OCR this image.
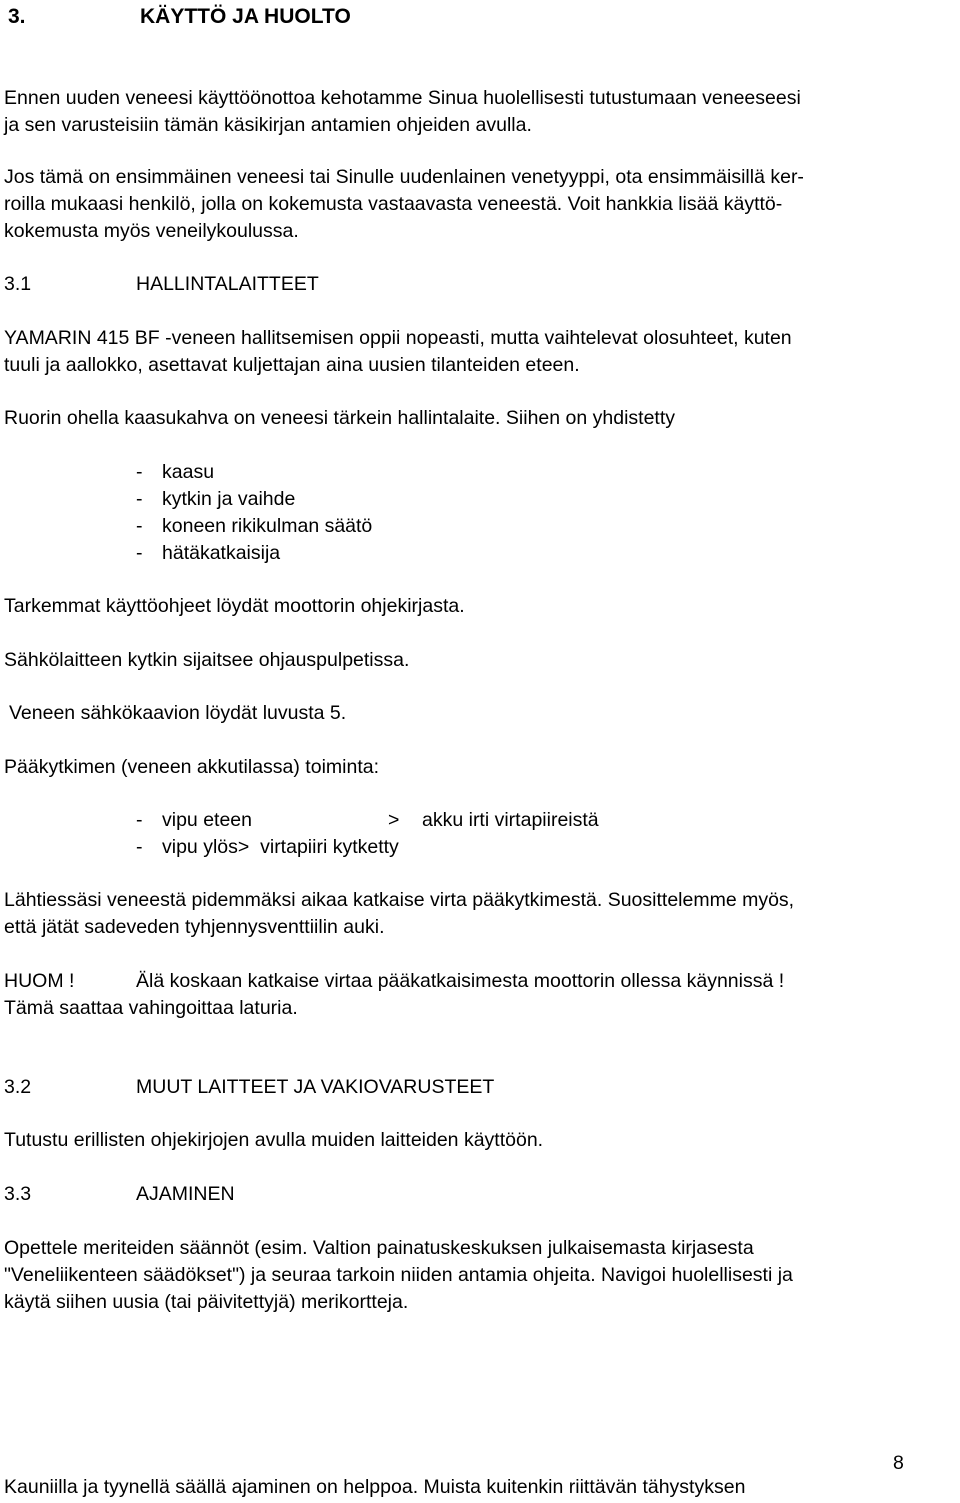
3.	KÄYTTÖ JA HUOLTO
Ennen uuden veneesi käyttöönottoa kehotamme Sinua huolellisesti tutustumaan veneeseesi
ja sen varusteisiin tämän käsikirjan antamien ohjeiden avulla.
Jos tämä on ensimmäinen veneesi tai Sinulle uudenlainen venetyyppi, ota ensimmäisillä ker-
roilla mukaasi henkilö, jolla on kokemusta vastaavasta veneestä. Voit hankkia lisää käyttö-
kokemusta myös veneilykoulussa.
3.1	HALLINTALAITTEET
YAMARIN 415 BF -veneen hallitsemisen oppii nopeasti, mutta vaihtelevat olosuhteet, kuten
tuuli ja aallokko, asettavat kuljettajan aina uusien tilanteiden eteen.
Ruorin ohella kaasukahva on veneesi tärkein hallintalaite. Siihen on yhdistetty
- kaasu
- kytkin ja vaihde
- koneen rikikulman säätö
- hätäkatkaisija
Tarkemmat käyttöohjeet löydät moottorin ohjekirjasta.
Sähkölaitteen kytkin sijaitsee ohjauspulpetissa.
Veneen sähkökaavion löydät luvusta 5.
Pääkytkimen (veneen akkutilassa) toiminta:
- vipu eteen	> akku irti virtapiireistä
- vipu ylös> virtapiiri kytketty
Lähtiessäsi veneestä pidemmäksi aikaa katkaise virta pääkytkimestä. Suosittelemme myös,
että jätät sadeveden tyhjennysventtiilin auki.
HUOM !	Älä koskaan katkaise virtaa pääkatkaisimesta moottorin ollessa käynnissä !
Tämä saattaa vahingoittaa laturia.
3.2	MUUT LAITTEET JA VAKIOVARUSTEET
Tutustu erillisten ohjekirjojen avulla muiden laitteiden käyttöön.
3.3	AJAMINEN
Opettele meriteiden säännöt (esim. Valtion painatuskeskuksen julkaisemasta kirjasesta
"Veneliikenteen säädökset") ja seuraa tarkoin niiden antamia ohjeita. Navigoi huolellisesti ja
käytä siihen uusia (tai päivitettyjä) merikortteja.
8
Kauniilla ja tyynellä säällä ajaminen on helppoa. Muista kuitenkin riittävän tähystyksen
